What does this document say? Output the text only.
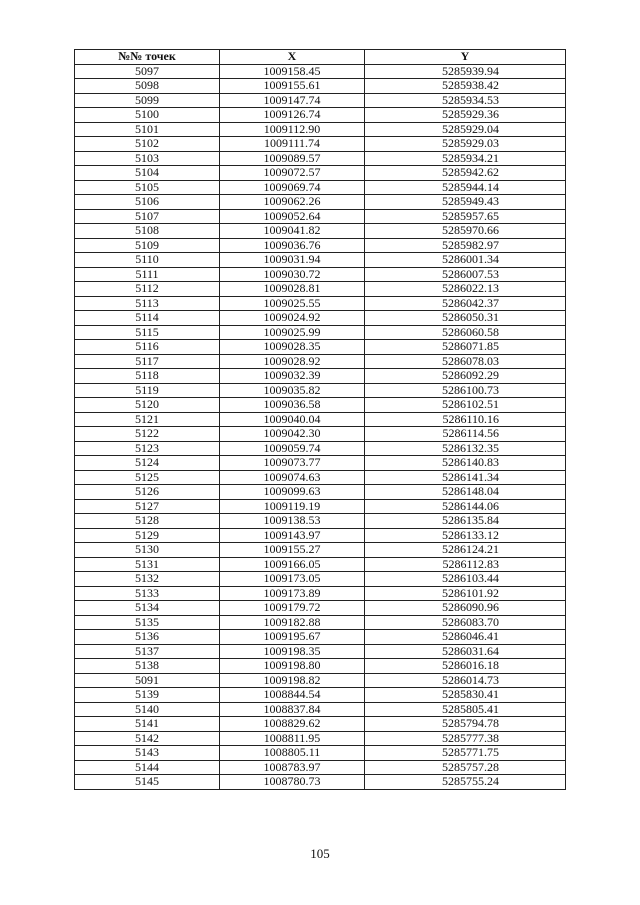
№№ точек	X	Y
5097	1009158.45	5285939.94
5098	1009155.61	5285938.42
5099	1009147.74	5285934.53
5100	1009126.74	5285929.36
5101	1009112.90	5285929.04
5102	1009111.74	5285929.03
5103	1009089.57	5285934.21
5104	1009072.57	5285942.62
5105	1009069.74	5285944.14
5106	1009062.26	5285949.43
5107	1009052.64	5285957.65
5108	1009041.82	5285970.66
5109	1009036.76	5285982.97
5110	1009031.94	5286001.34
5111	1009030.72	5286007.53
5112	1009028.81	5286022.13
5113	1009025.55	5286042.37
5114	1009024.92	5286050.31
5115	1009025.99	5286060.58
5116	1009028.35	5286071.85
5117	1009028.92	5286078.03
5118	1009032.39	5286092.29
5119	1009035.82	5286100.73
5120	1009036.58	5286102.51
5121	1009040.04	5286110.16
5122	1009042.30	5286114.56
5123	1009059.74	5286132.35
5124	1009073.77	5286140.83
5125	1009074.63	5286141.34
5126	1009099.63	5286148.04
5127	1009119.19	5286144.06
5128	1009138.53	5286135.84
5129	1009143.97	5286133.12
5130	1009155.27	5286124.21
5131	1009166.05	5286112.83
5132	1009173.05	5286103.44
5133	1009173.89	5286101.92
5134	1009179.72	5286090.96
5135	1009182.88	5286083.70
5136	1009195.67	5286046.41
5137	1009198.35	5286031.64
5138	1009198.80	5286016.18
5091	1009198.82	5286014.73
5139	1008844.54	5285830.41
5140	1008837.84	5285805.41
5141	1008829.62	5285794.78
5142	1008811.95	5285777.38
5143	1008805.11	5285771.75
5144	1008783.97	5285757.28
5145	1008780.73	5285755.24
105
